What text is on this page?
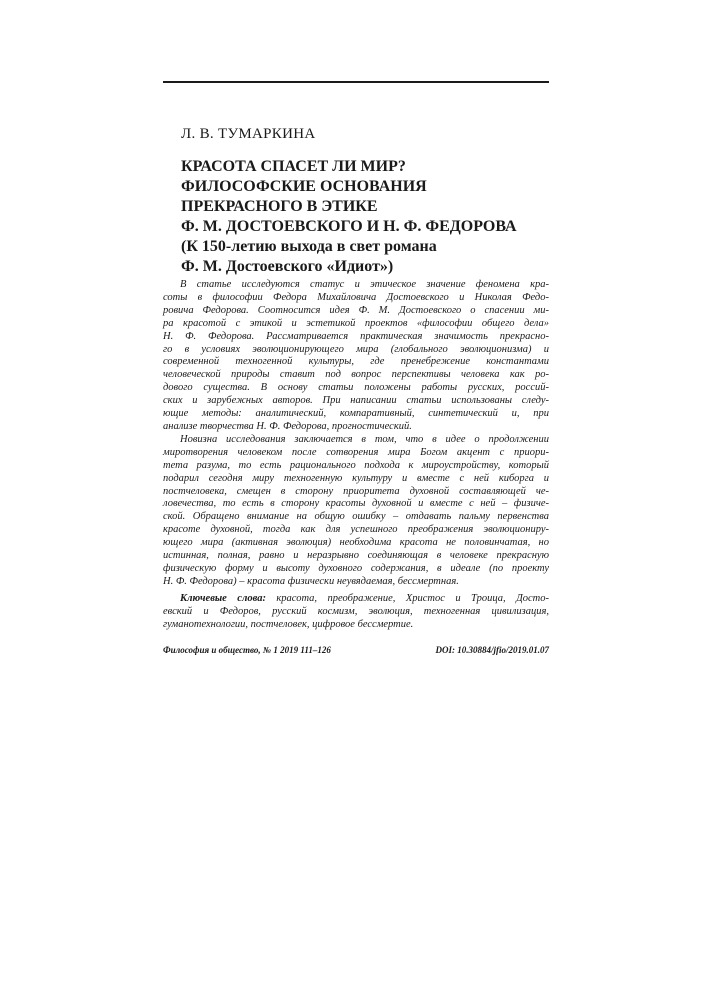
Л. В. ТУМАРКИНА
КРАСОТА СПАСЕТ ЛИ МИР?
ФИЛОСОФСКИЕ ОСНОВАНИЯ
ПРЕКРАСНОГО В ЭТИКЕ
Ф. М. ДОСТОЕВСКОГО И Н. Ф. ФЕДОРОВА
(К 150-летию выхода в свет романа
Ф. М. Достоевского «Идиот»)
В статье исследуются статус и этическое значение феномена кра-
соты в философии Федора Михайловича Достоевского и Николая Федо-
ровича Федорова. Соотносится идея Ф. М. Достоевского о спасении ми-
ра красотой с этикой и эстетикой проектов «философии общего дела»
Н. Ф. Федорова. Рассматривается практическая значимость прекрасно-
го в условиях эволюционирующего мира (глобального эволюционизма) и
современной техногенной культуры, где пренебрежение константами
человеческой природы ставит под вопрос перспективы человека как ро-
дового существа. В основу статьи положены работы русских, россий-
ских и зарубежных авторов. При написании статьи использованы следу-
ющие методы: аналитический, компаративный, синтетический и, при
анализе творчества Н. Ф. Федорова, прогностический.
Новизна исследования заключается в том, что в идее о продолжении
миротворения человеком после сотворения мира Богом акцент с приори-
тета разума, то есть рационального подхода к мироустройству, который
подарил сегодня миру техногенную культуру и вместе с ней киборга и
постчеловека, смещен в сторону приоритета духовной составляющей че-
ловечества, то есть в сторону красоты духовной и вместе с ней – физиче-
ской. Обращено внимание на общую ошибку – отдавать пальму первенства
красоте духовной, тогда как для успешного преображения эволюциониру-
ющего мира (активная эволюция) необходима красота не половинчатая, но
истинная, полная, равно и неразрывно соединяющая в человеке прекрасную
физическую форму и высоту духовного содержания, в идеале (по проекту
Н. Ф. Федорова) – красота физически неувядаемая, бессмертная.
Ключевые слова: красота, преображение, Христос и Троица, Досто-
евский и Федоров, русский космизм, эволюция, техногенная цивилизация,
гуманотехнологии, постчеловек, цифровое бессмертие.
Философия и общество, № 1 2019 111–126	DOI: 10.30884/jfio/2019.01.07
